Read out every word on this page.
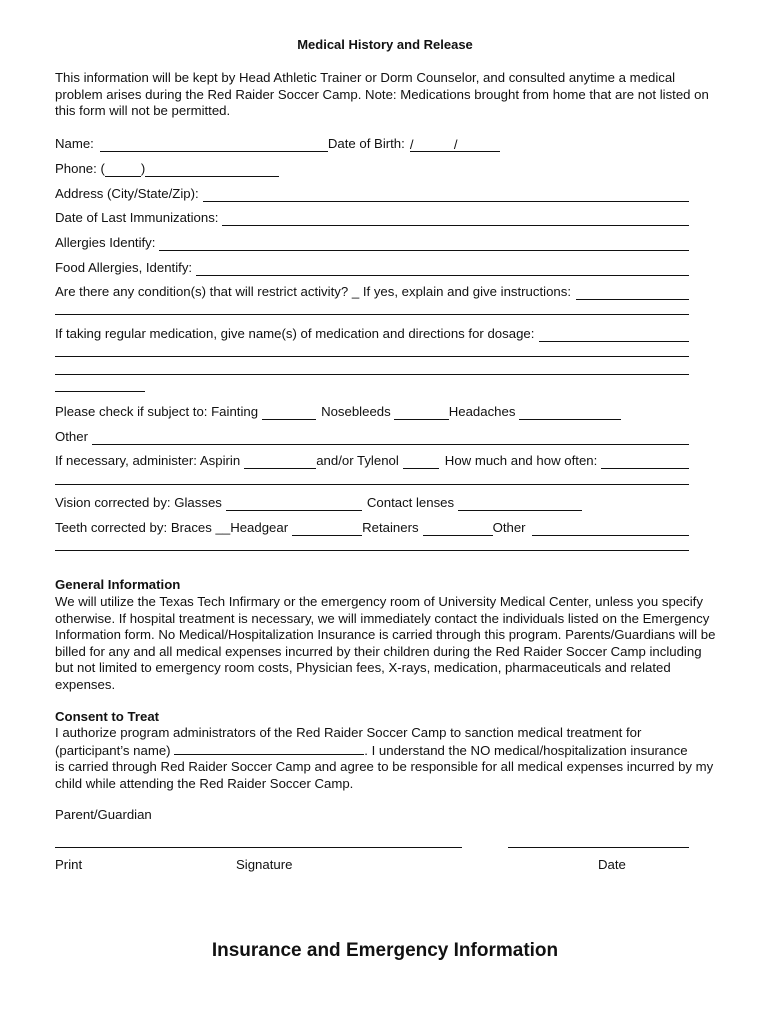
Medical History and Release
This information will be kept by Head Athletic Trainer or Dorm Counselor, and consulted anytime a medical problem arises during the Red Raider Soccer Camp. Note: Medications brought from home that are not listed on this form will not be permitted.
Name:	Date of Birth: /	/
Phone: (	)
Address (City/State/Zip):
Date of Last Immunizations:
Allergies Identify:
Food Allergies, Identify:
Are there any condition(s) that will restrict activity? _ If yes, explain and give instructions:
If taking regular medication, give name(s) of medication and directions for dosage:
Please check if subject to: Fainting	Nosebleeds	Headaches
Other
If necessary, administer: Aspirin	and/or Tylenol	How much and how often:
Vision corrected by: Glasses	Contact lenses
Teeth corrected by: Braces __Headgear	Retainers	Other
General Information
We will utilize the Texas Tech Infirmary or the emergency room of University Medical Center, unless you specify otherwise. If hospital treatment is necessary, we will immediately contact the individuals listed on the Emergency Information form. No Medical/Hospitalization Insurance is carried through this program. Parents/Guardians will be billed for any and all medical expenses incurred by their children during the Red Raider Soccer Camp including but not limited to emergency room costs, Physician fees, X-rays, medication, pharmaceuticals and related expenses.
Consent to Treat
I authorize program administrators of the Red Raider Soccer Camp to sanction medical treatment for
(participant’s name)	. I understand the NO medical/hospitalization insurance
is carried through Red Raider Soccer Camp and agree to be responsible for all medical expenses incurred by my child while attending the Red Raider Soccer Camp.
Parent/Guardian
Print	Signature	Date
Insurance and Emergency Information
